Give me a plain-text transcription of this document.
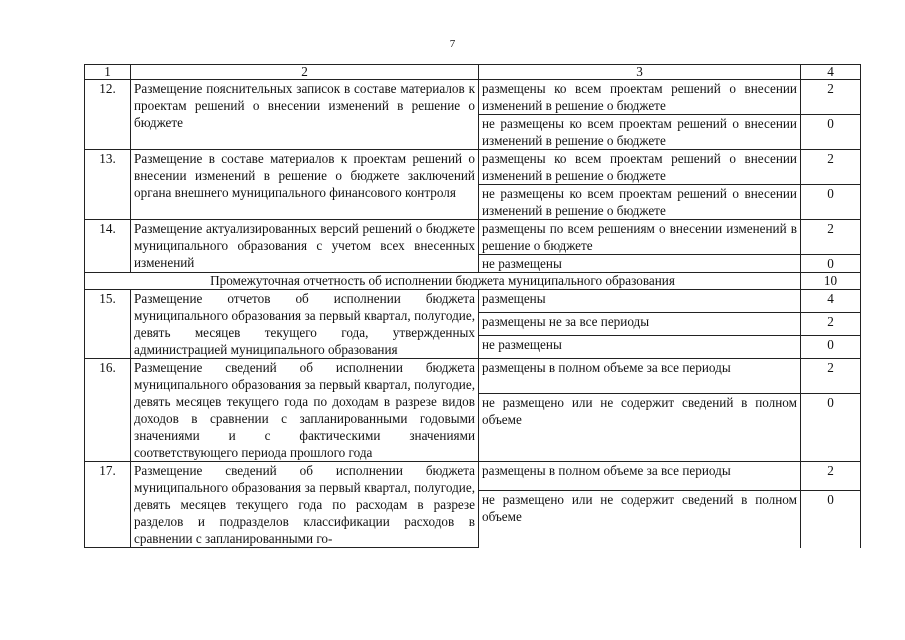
7
1	2	3	4
12.	Размещение пояснительных записок в составе материалов к проектам решений о внесении изменений в решение о бюджете	размещены ко всем проектам решений о внесении изменений в решение о бюджете	2
		не размещены ко всем проектам решений о внесении изменений в решение о бюджете	0
13.	Размещение в составе материалов к проектам решений о внесении изменений в решение о бюджете заключений органа внешнего муниципального финансового контроля	размещены ко всем проектам решений о внесении изменений в решение о бюджете	2
		не размещены ко всем проектам решений о внесении изменений в решение о бюджете	0
14.	Размещение актуализированных версий решений о бюджете муниципального образования с учетом всех внесенных изменений	размещены по всем решениям о внесении изменений в решение о бюджете	2
		не размещены	0
Промежуточная отчетность об исполнении бюджета муниципального образования			10
15.	Размещение отчетов об исполнении бюджета муниципального образования за первый квартал, полугодие, девять месяцев текущего года, утвержденных администрацией муниципального образования	размещены	4
		размещены не за все периоды	2
		не размещены	0
16.	Размещение сведений об исполнении бюджета муниципального образования за первый квартал, полугодие, девять месяцев текущего года по доходам в разрезе видов доходов в сравнении с запланированными годовыми значениями и с фактическими значениями соответствующего периода прошлого года	размещены в полном объеме за все периоды	2
		не размещено или не содержит сведений в полном объеме	0
17.	Размещение сведений об исполнении бюджета муниципального образования за первый квартал, полугодие, девять месяцев текущего года по расходам в разрезе разделов и подразделов классификации расходов в сравнении с запланированными го-	размещены в полном объеме за все периоды	2
		не размещено или не содержит сведений в полном объеме	0
